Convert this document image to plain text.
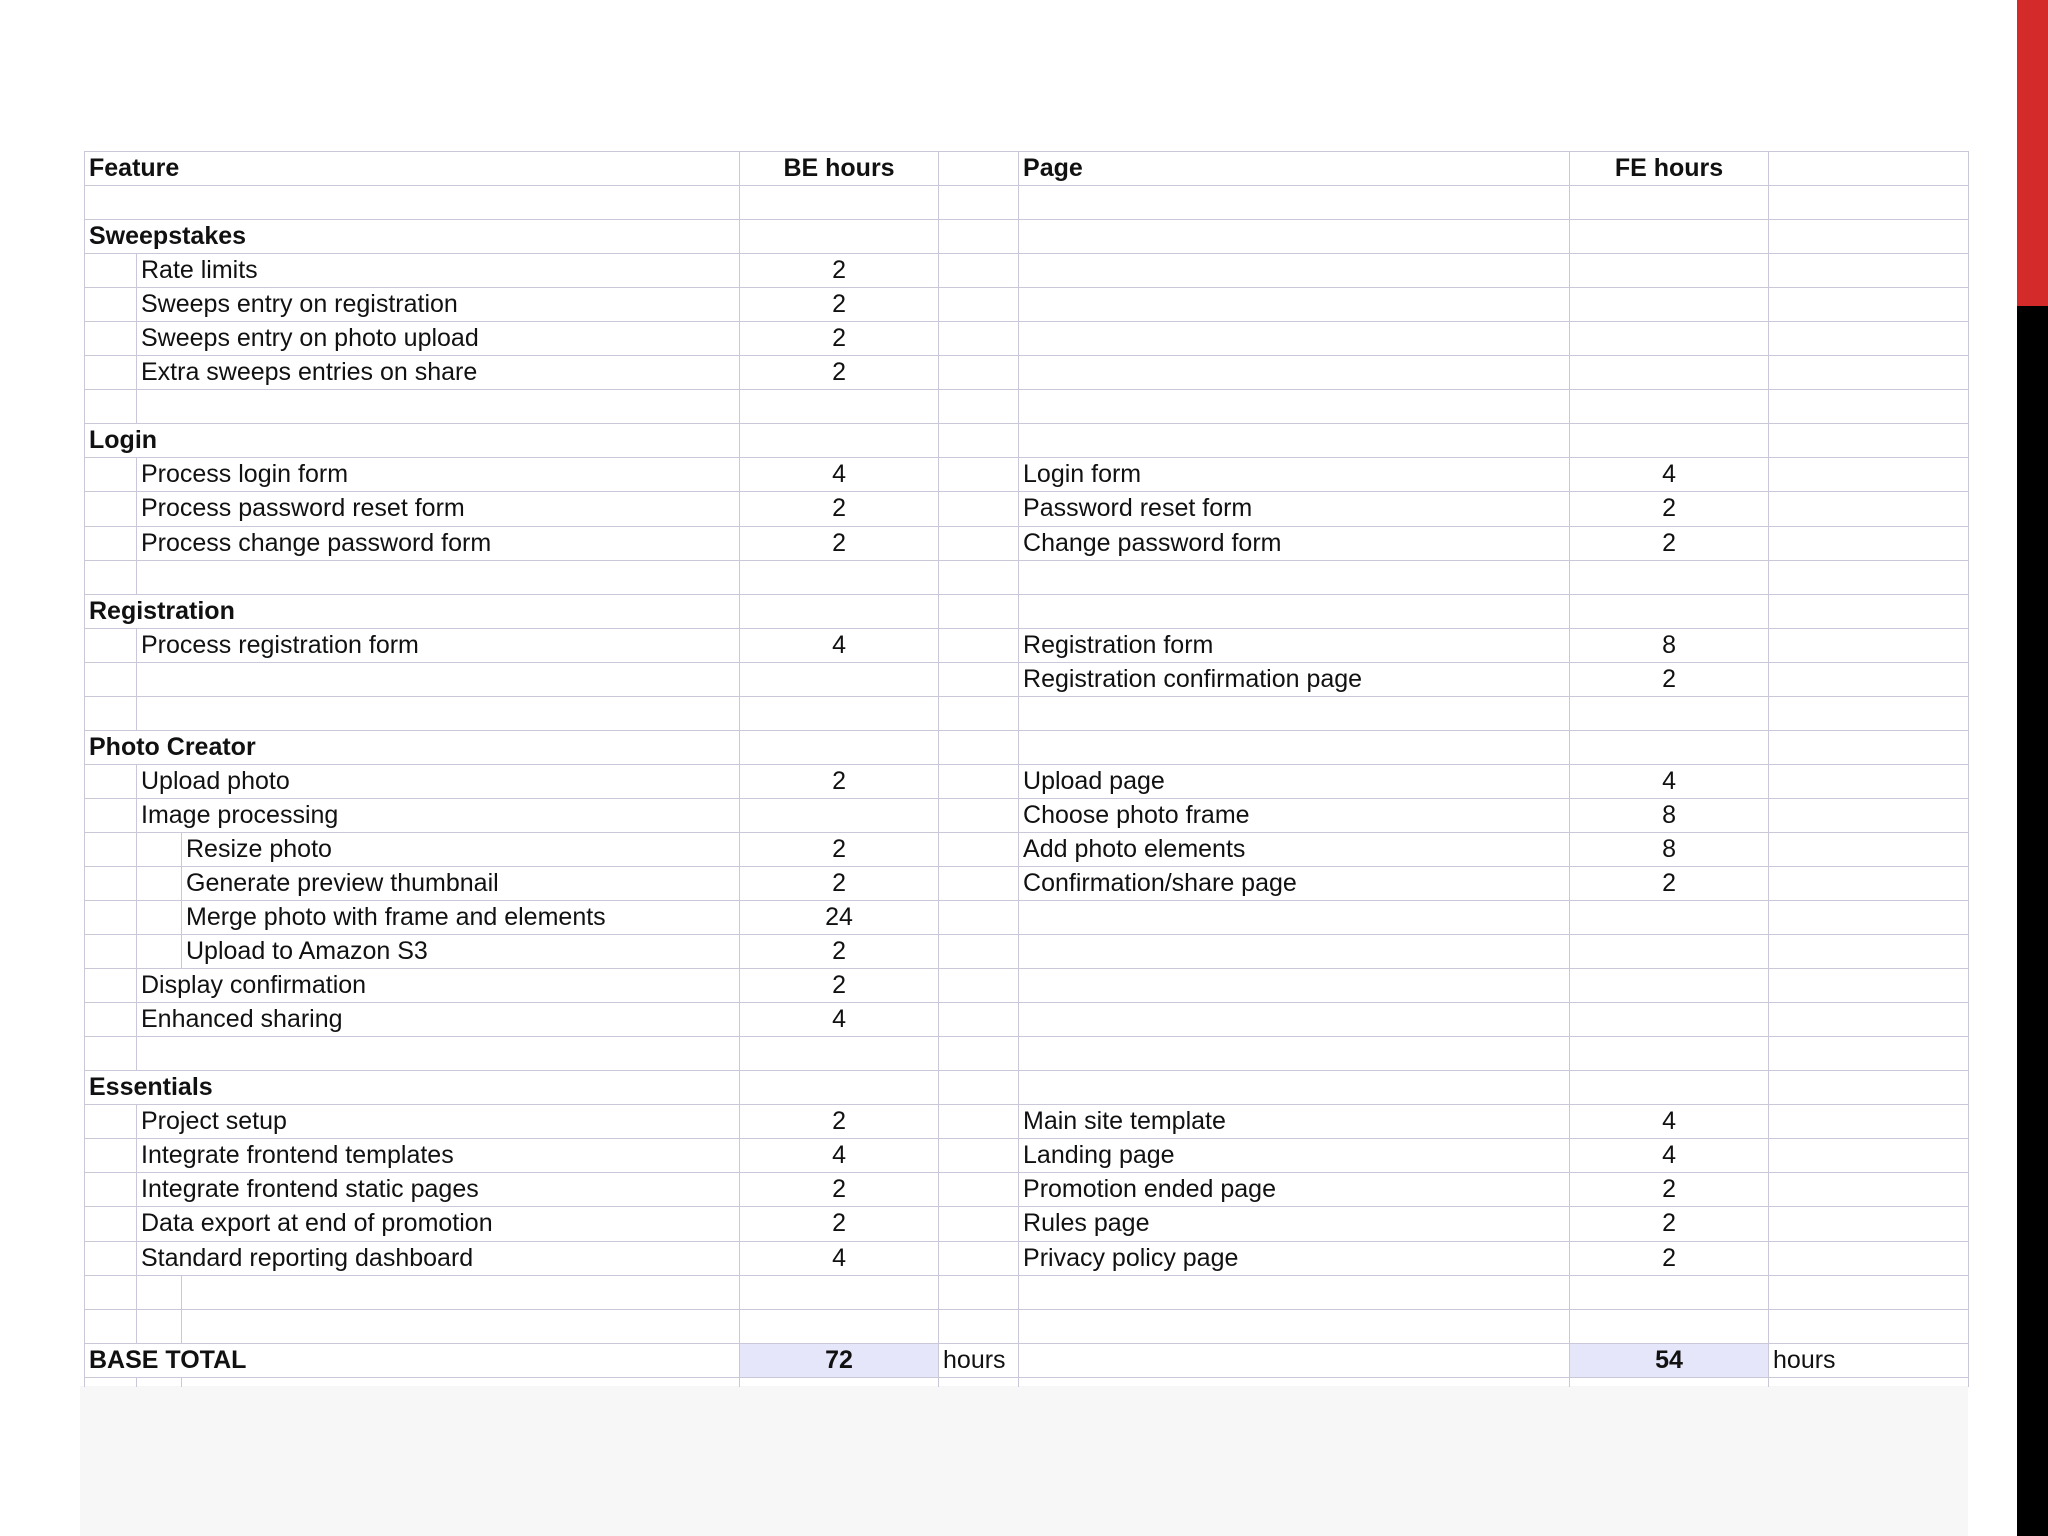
Feature			BE hours		Page	FE hours	

Sweepstakes							
	Rate limits		2				
	Sweeps entry on registration		2				
	Sweeps entry on photo upload		2				
	Extra sweeps entries on share		2				

Login							
	Process login form		4		Login form	4	
	Process password reset form		2		Password reset form	2	
	Process change password form		2		Change password form	2	

Registration							
	Process registration form		4		Registration form	8	
					Registration confirmation page	2	

Photo Creator							
	Upload photo		2		Upload page	4	
	Image processing				Choose photo frame	8	
		Resize photo	2		Add photo elements	8	
		Generate preview thumbnail	2		Confirmation/share page	2	
		Merge photo with frame and elements	24				
		Upload to Amazon S3	2				
	Display confirmation		2				
	Enhanced sharing		4				

Essentials							
	Project setup		2		Main site template	4	
	Integrate frontend templates		4		Landing page	4	
	Integrate frontend static pages		2		Promotion ended page	2	
	Data export at end of promotion		2		Rules page	2	
	Standard reporting dashboard		4		Privacy policy page	2	

BASE TOTAL			72	hours		54	hours
